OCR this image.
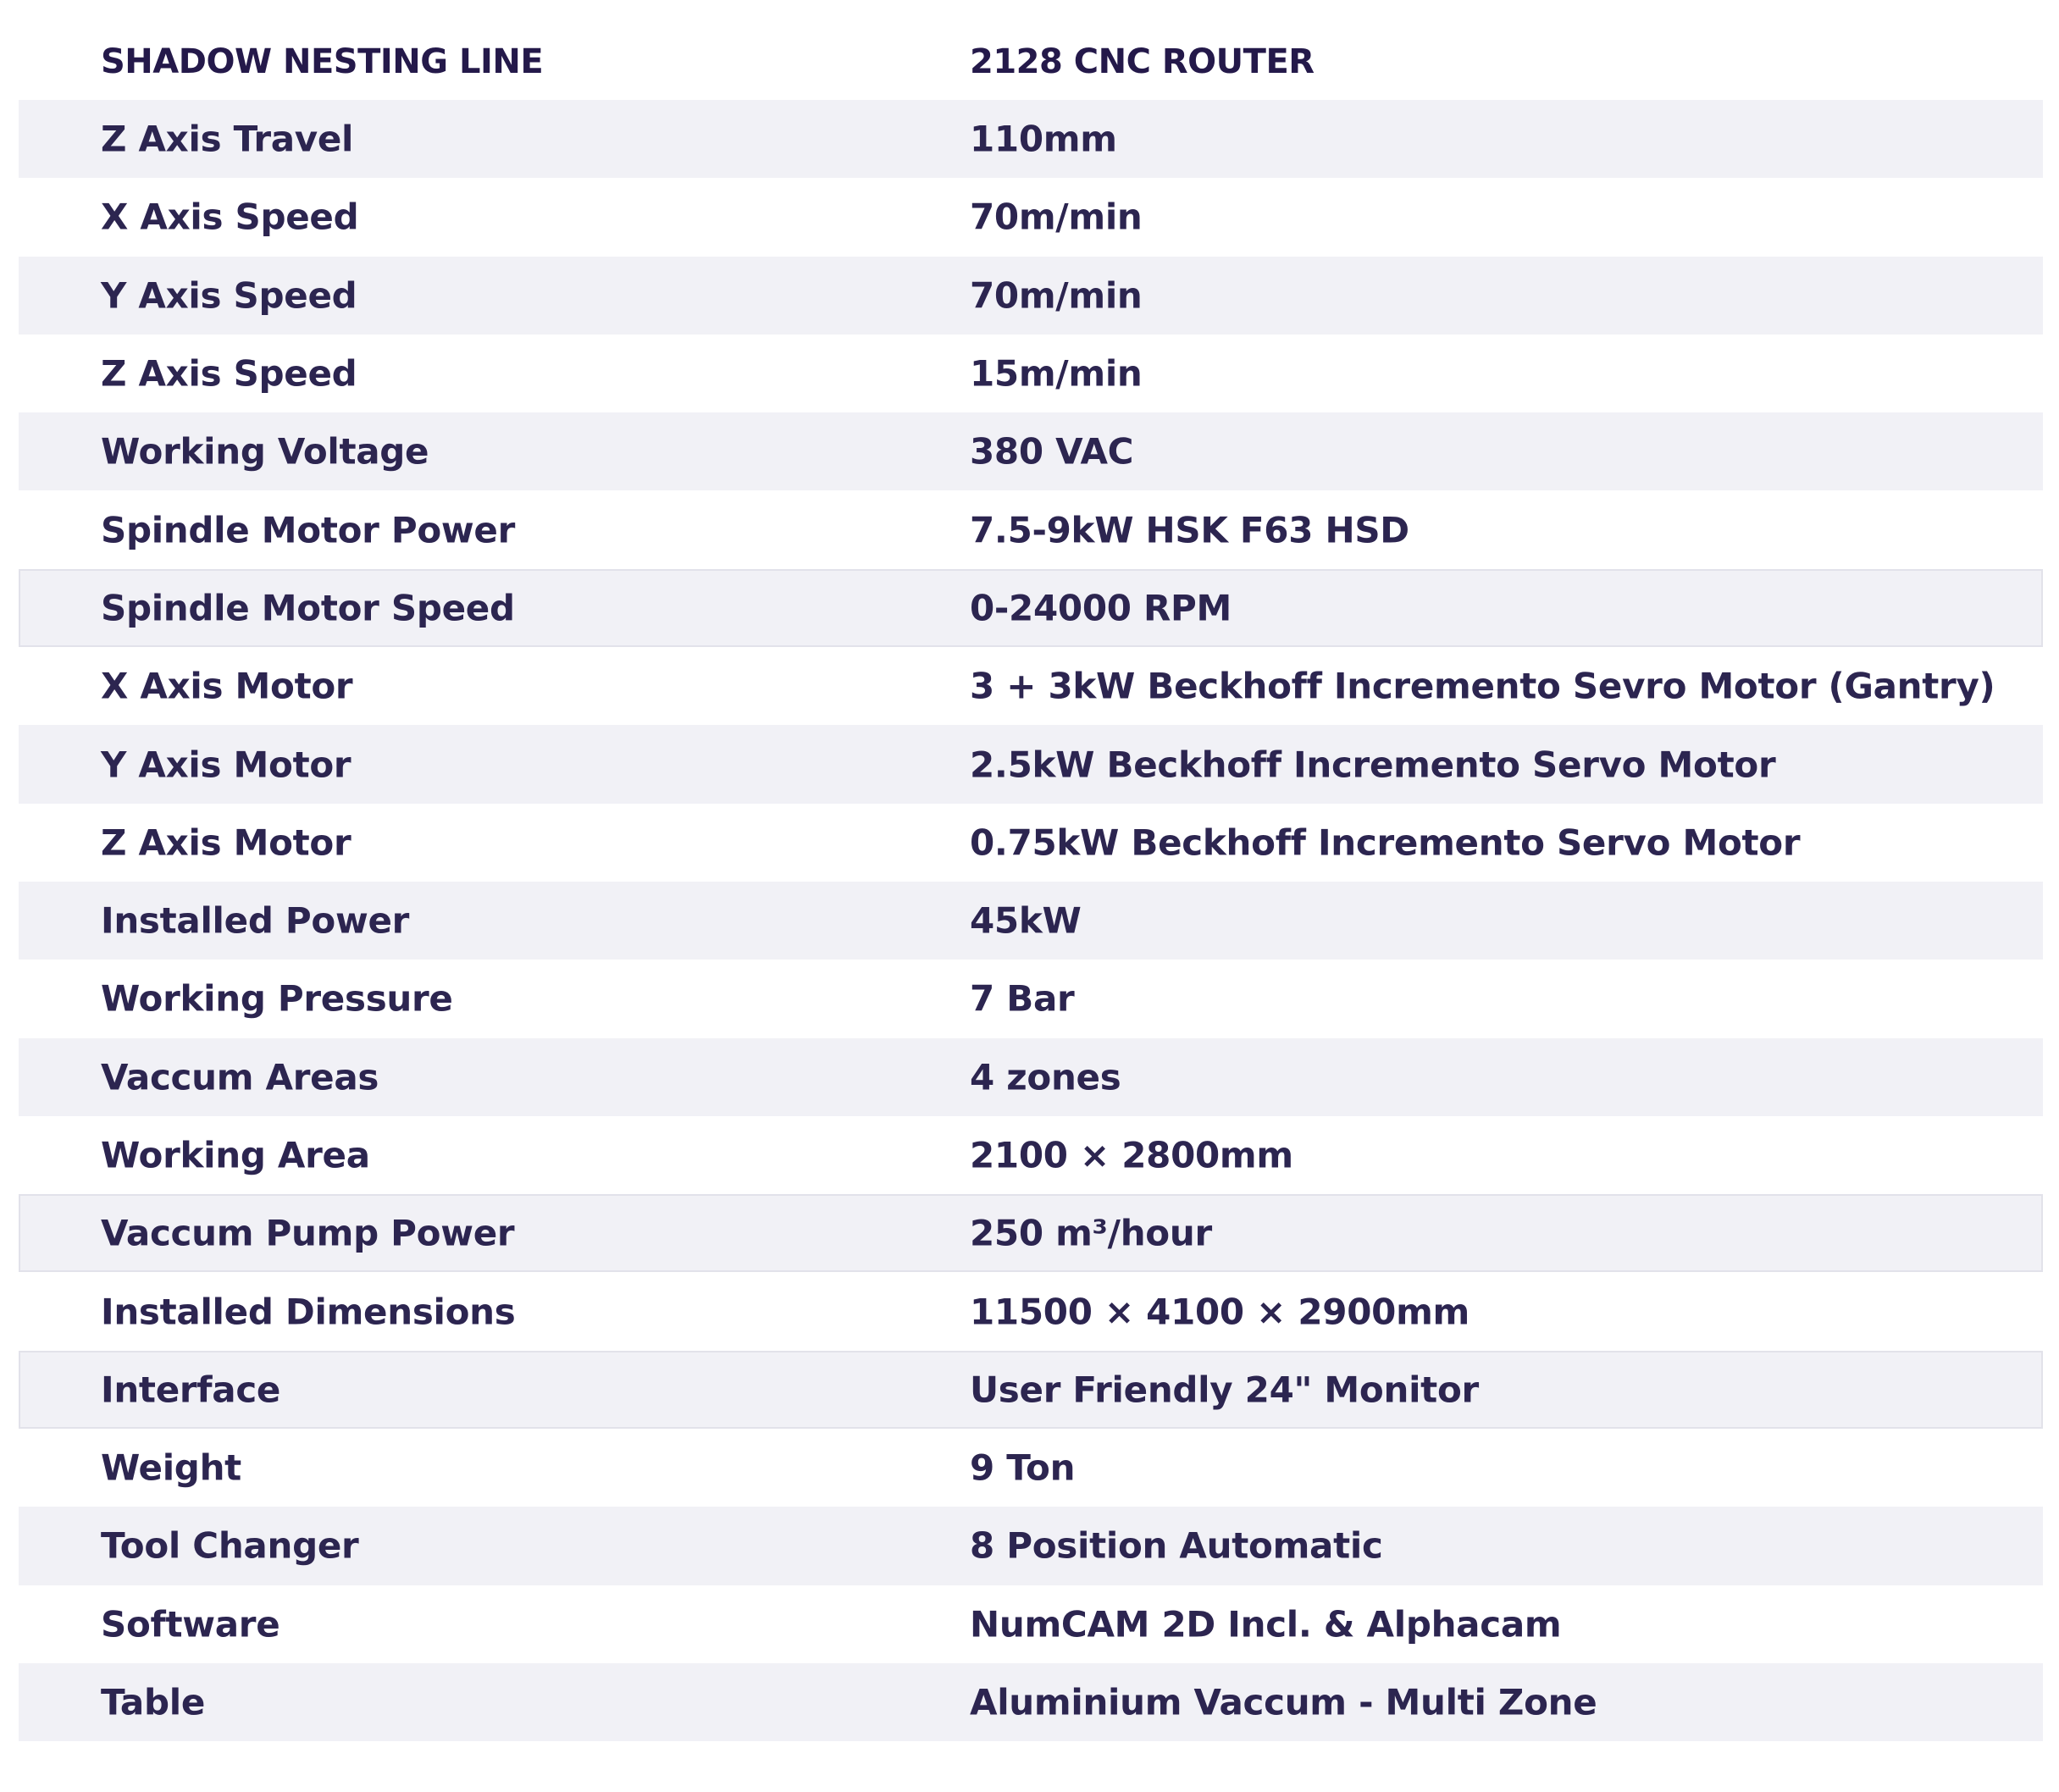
SHADOW NESTING LINE	2128 CNC ROUTER
Z Axis Travel	110mm
X Axis Speed	70m/min
Y Axis Speed	70m/min
Z Axis Speed	15m/min
Working Voltage	380 VAC
Spindle Motor Power	7.5-9kW HSK F63 HSD
Spindle Motor Speed	0-24000 RPM
X Axis Motor	3 + 3kW Beckhoff Incremento Sevro Motor (Gantry)
Y Axis Motor	2.5kW Beckhoff Incremento Servo Motor
Z Axis Motor	0.75kW Beckhoff Incremento Servo Motor
Installed Power	45kW
Working Pressure	7 Bar
Vaccum Areas	4 zones
Working Area	2100 × 2800mm
Vaccum Pump Power	250 m³/hour
Installed Dimensions	11500 × 4100 × 2900mm
Interface	User Friendly 24" Monitor
Weight	9 Ton
Tool Changer	8 Position Automatic
Software	NumCAM 2D Incl. & Alphacam
Table	Aluminium Vaccum - Multi Zone
